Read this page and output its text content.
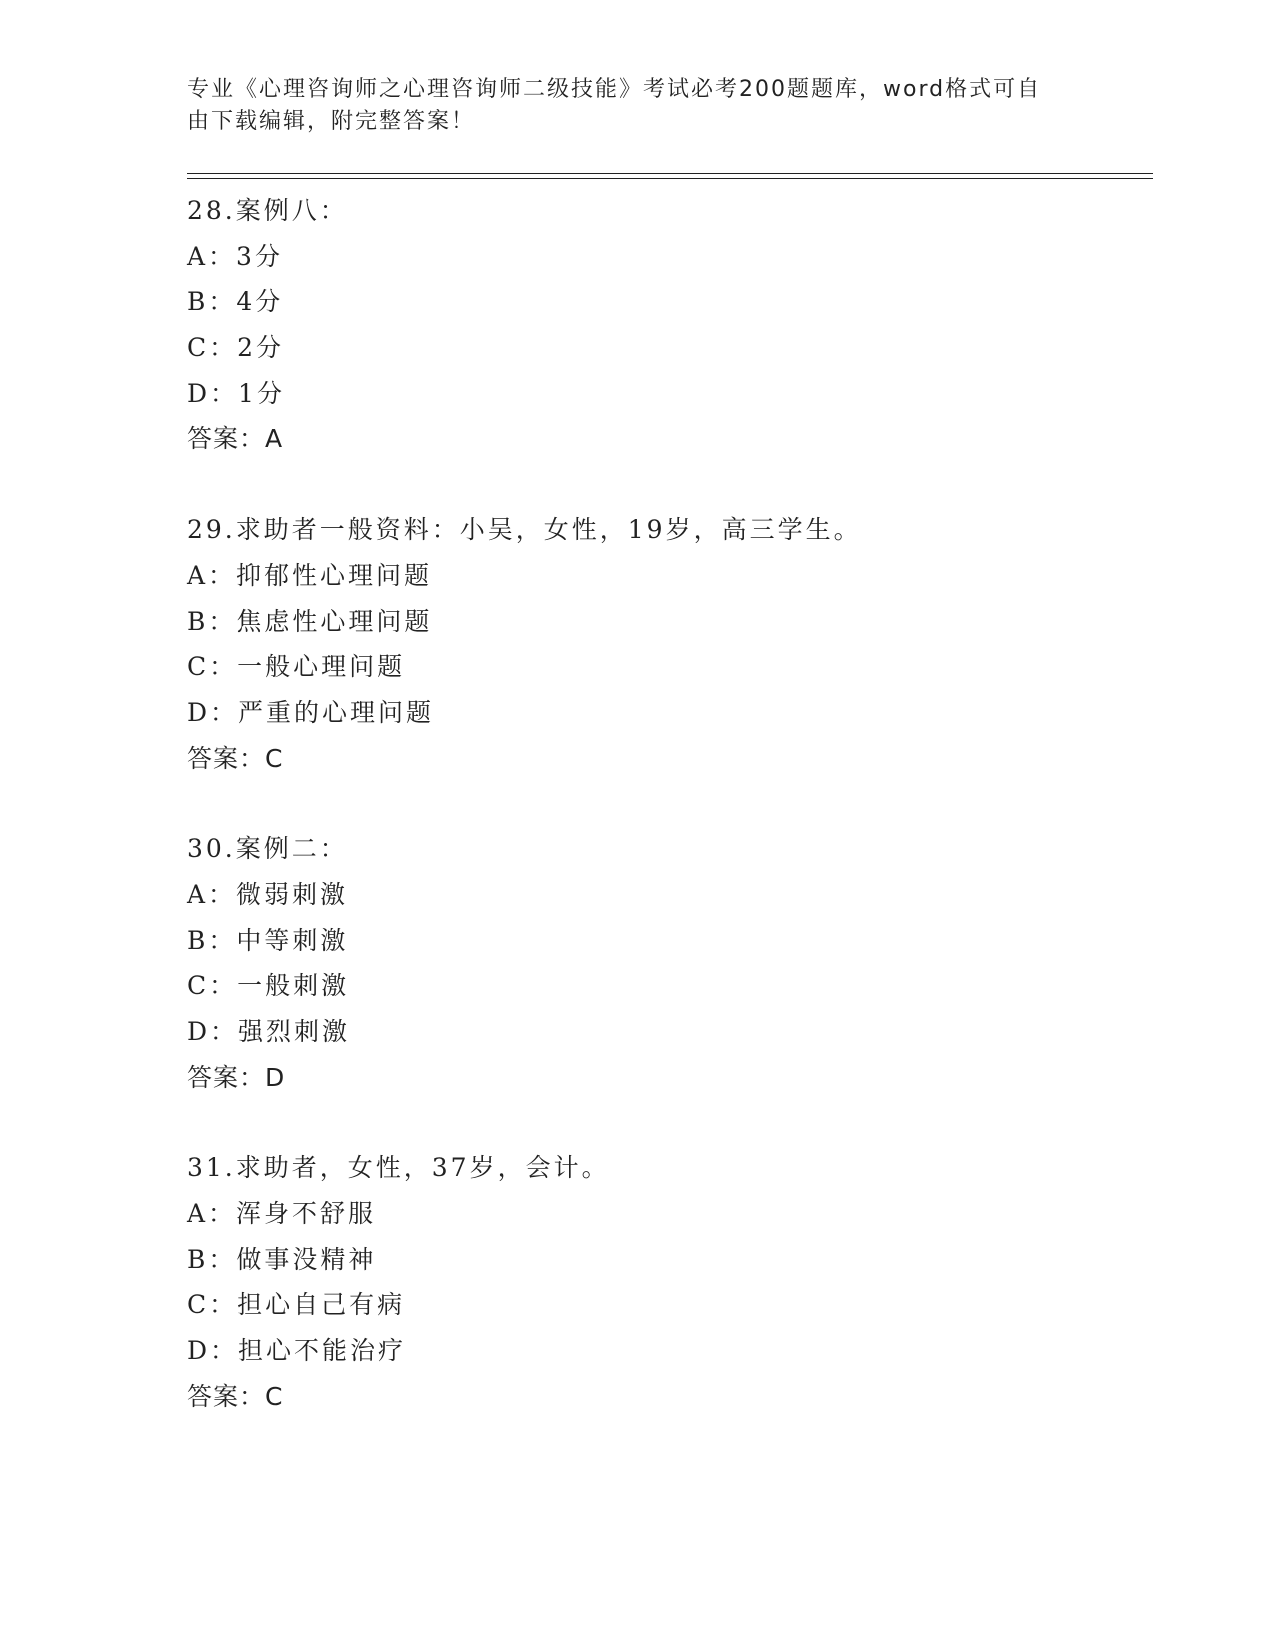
专业《心理咨询师之心理咨询师二级技能》考试必考200题题库，word格式可自
由下载编辑，附完整答案！
28.案例八：
A：3分
B：4分
C：2分
D：1分
答案：A
29.求助者一般资料：小吴，女性，19岁，高三学生。
A：抑郁性心理问题
B：焦虑性心理问题
C：一般心理问题
D：严重的心理问题
答案：C
30.案例二：
A：微弱刺激
B：中等刺激
C：一般刺激
D：强烈刺激
答案：D
31.求助者，女性，37岁，会计。
A：浑身不舒服
B：做事没精神
C：担心自己有病
D：担心不能治疗
答案：C
